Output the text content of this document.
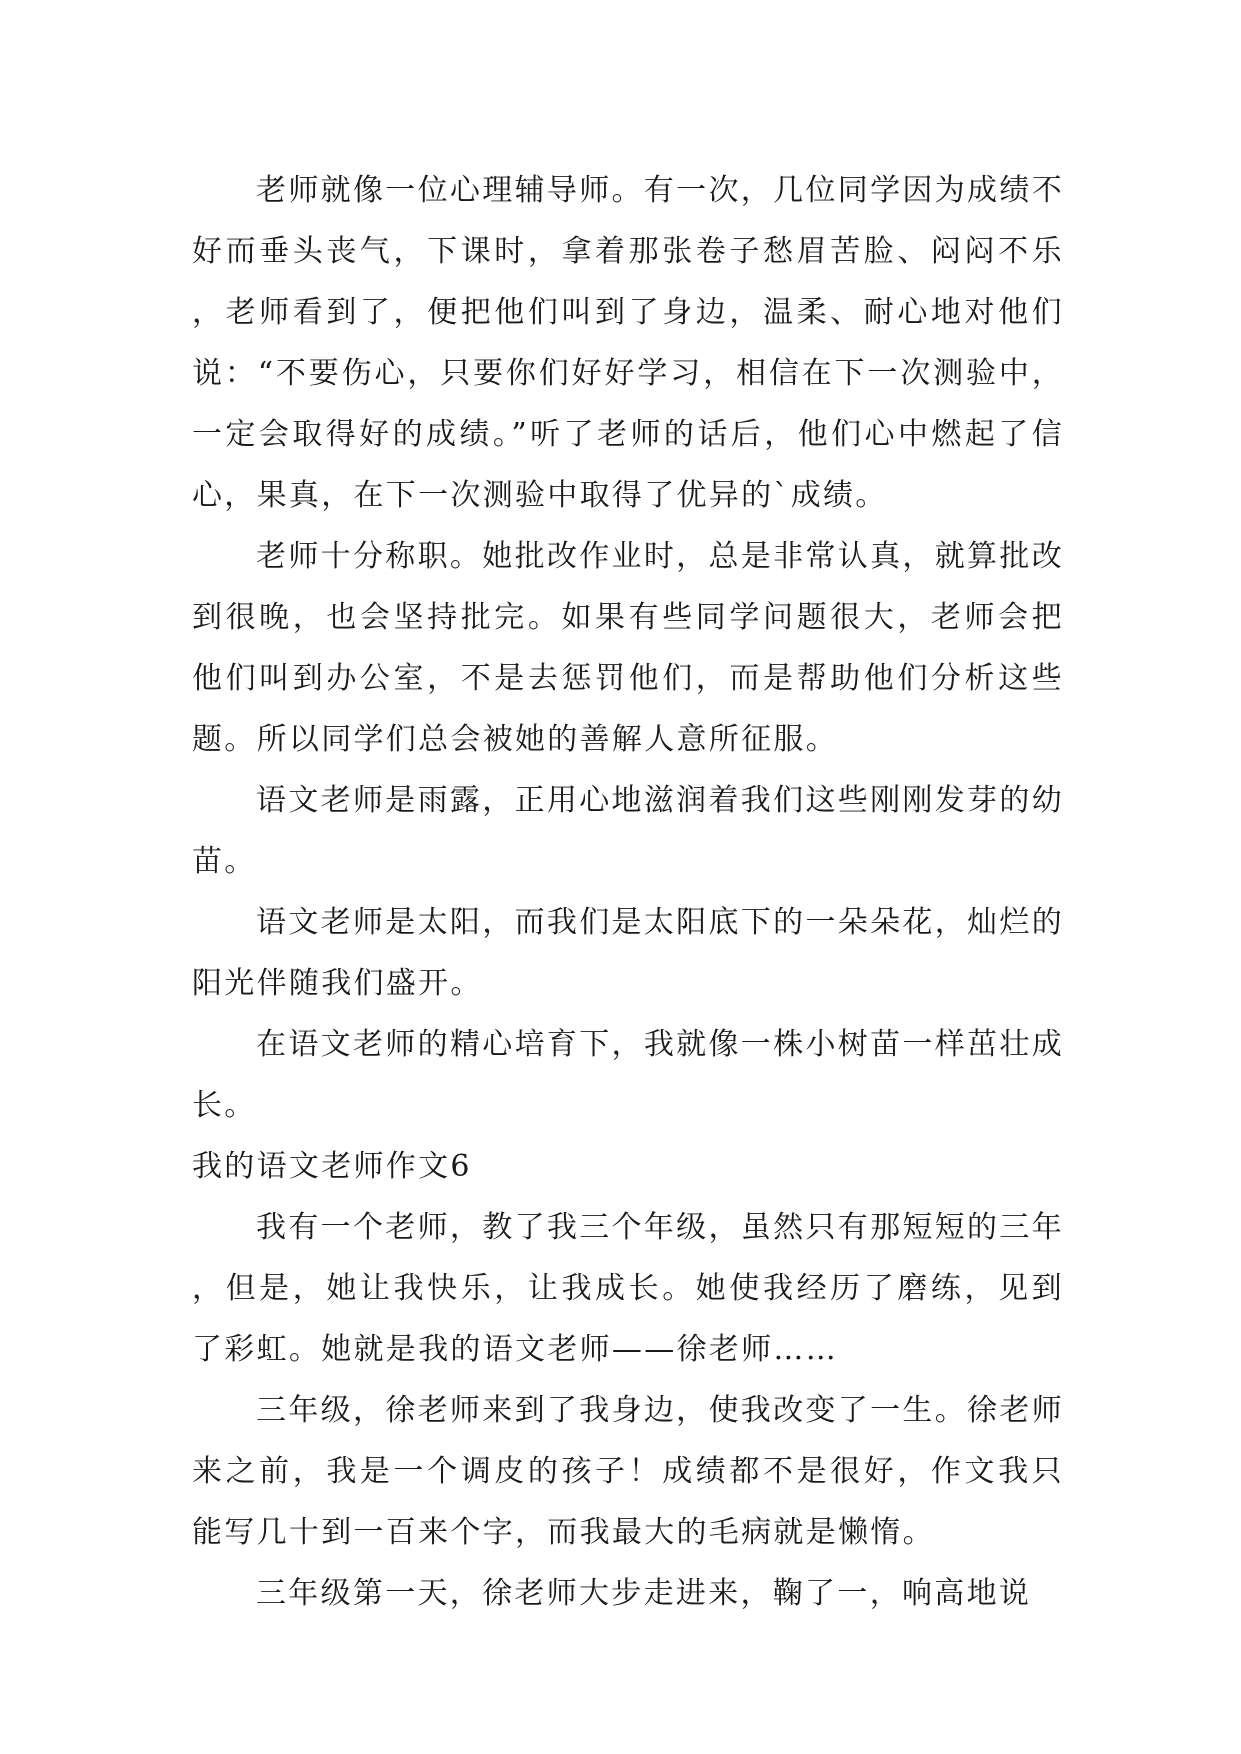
老师就像一位心理辅导师。有一次，几位同学因为成绩不好而垂头丧气，下课时，拿着那张卷子愁眉苦脸、闷闷不乐，老师看到了，便把他们叫到了身边，温柔、耐心地对他们说：“不要伤心，只要你们好好学习，相信在下一次测验中，一定会取得好的成绩。”听了老师的话后，他们心中燃起了信心，果真，在下一次测验中取得了优异的`成绩。

老师十分称职。她批改作业时，总是非常认真，就算批改到很晚，也会坚持批完。如果有些同学问题很大，老师会把他们叫到办公室，不是去惩罚他们，而是帮助他们分析这些题。所以同学们总会被她的善解人意所征服。

语文老师是雨露，正用心地滋润着我们这些刚刚发芽的幼苗。

语文老师是太阳，而我们是太阳底下的一朵朵花，灿烂的阳光伴随我们盛开。

在语文老师的精心培育下，我就像一株小树苗一样茁壮成长。

我的语文老师作文6

我有一个老师，教了我三个年级，虽然只有那短短的三年，但是，她让我快乐，让我成长。她使我经历了磨练，见到了彩虹。她就是我的语文老师——徐老师……

三年级，徐老师来到了我身边，使我改变了一生。徐老师来之前，我是一个调皮的孩子！成绩都不是很好，作文我只能写几十到一百来个字，而我最大的毛病就是懒惰。

三年级第一天，徐老师大步走进来，鞠了一，响高地说
